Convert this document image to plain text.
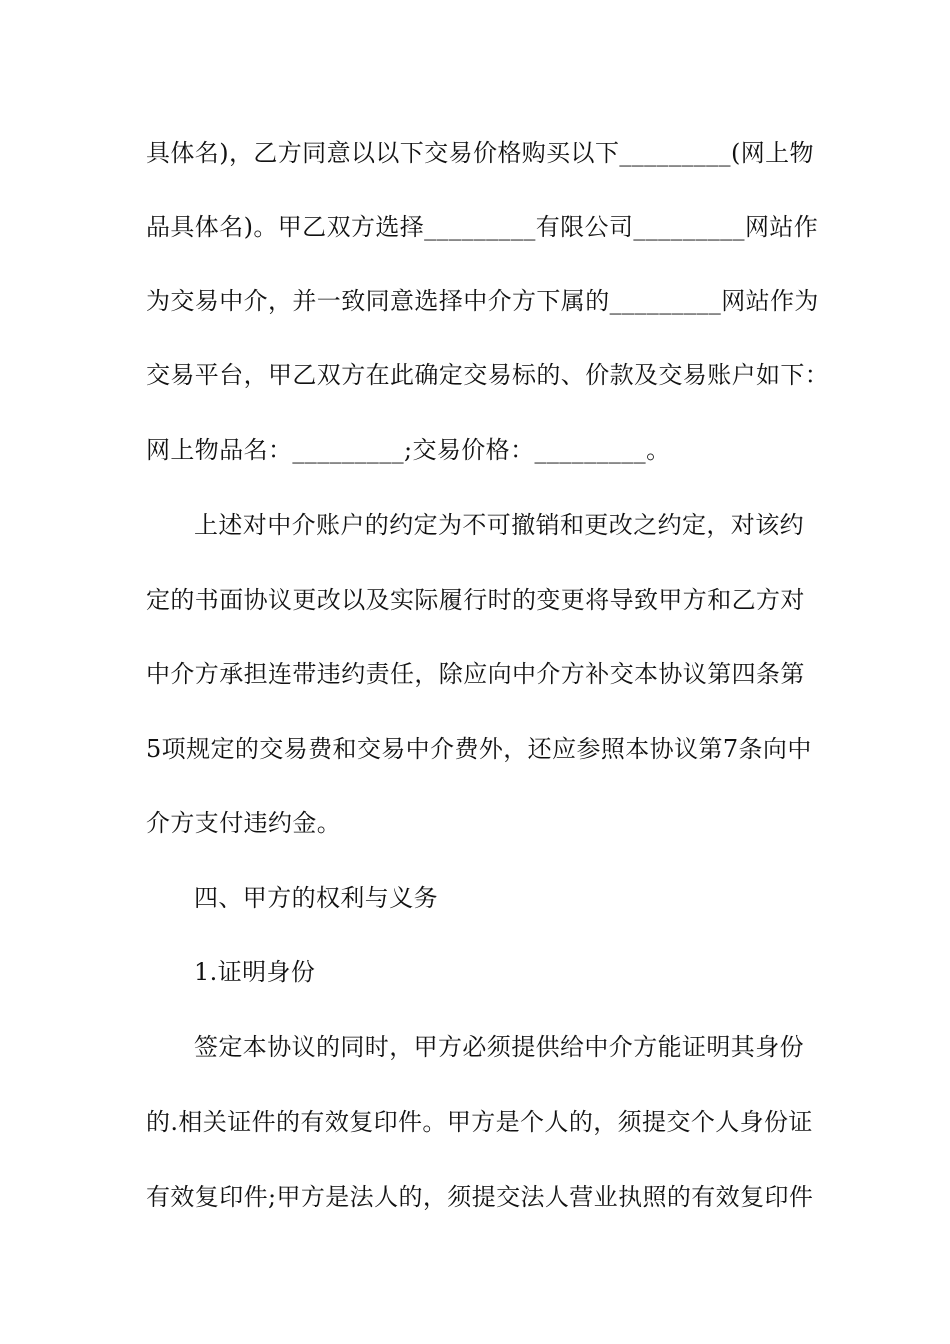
具体名)，乙方同意以以下交易价格购买以下_________(网上物
品具体名)。甲乙双方选择_________有限公司_________网站作
为交易中介，并一致同意选择中介方下属的_________网站作为
交易平台，甲乙双方在此确定交易标的、价款及交易账户如下：
网上物品名：_________;交易价格：_________。
上述对中介账户的约定为不可撤销和更改之约定，对该约
定的书面协议更改以及实际履行时的变更将导致甲方和乙方对
中介方承担连带违约责任，除应向中介方补交本协议第四条第
5项规定的交易费和交易中介费外，还应参照本协议第7条向中
介方支付违约金。
四、甲方的权利与义务
1.证明身份
签定本协议的同时，甲方必须提供给中介方能证明其身份
的.相关证件的有效复印件。甲方是个人的，须提交个人身份证
有效复印件;甲方是法人的，须提交法人营业执照的有效复印件
